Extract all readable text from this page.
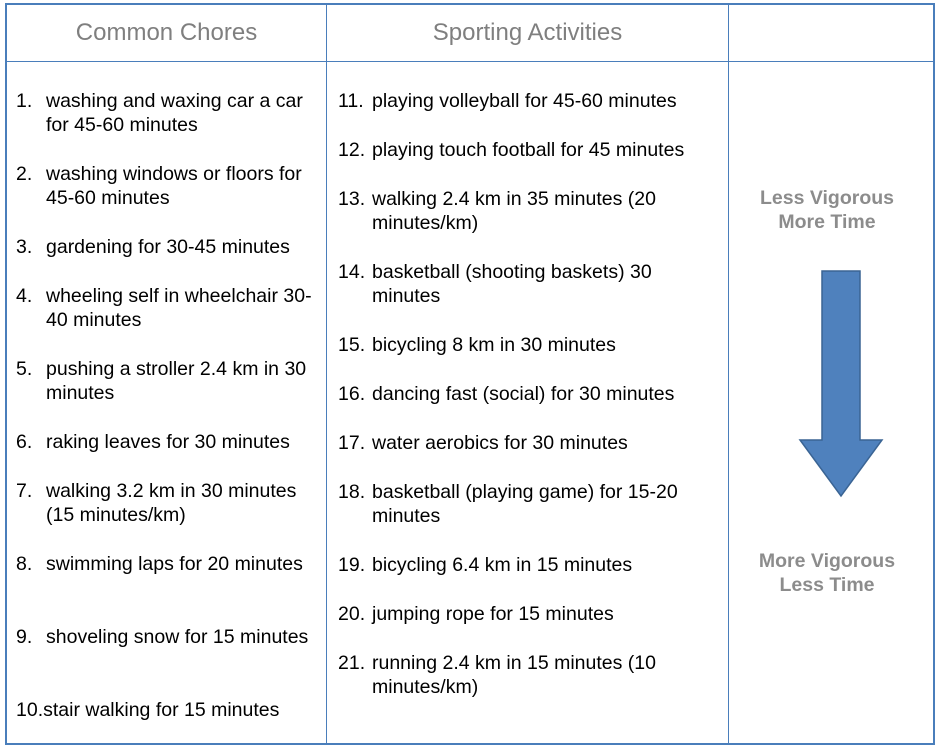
Common Chores	Sporting Activities
1. washing and waxing car a car for 45-60 minutes
2. washing windows or floors for 45-60 minutes
3. gardening for 30-45 minutes
4. wheeling self in wheelchair 30-40 minutes
5. pushing a stroller 2.4 km in 30 minutes
6. raking leaves for 30 minutes
7. walking 3.2 km in 30 minutes (15 minutes/km)
8. swimming laps for 20 minutes
9. shoveling snow for 15 minutes
10. stair walking for 15 minutes
11. playing volleyball for 45-60 minutes
12. playing touch football for 45 minutes
13. walking 2.4 km in 35 minutes (20 minutes/km)
14. basketball (shooting baskets) 30 minutes
15. bicycling 8 km in 30 minutes
16. dancing fast (social) for 30 minutes
17. water aerobics for 30 minutes
18. basketball (playing game) for 15-20 minutes
19. bicycling 6.4 km in 15 minutes
20. jumping rope for 15 minutes
21. running 2.4 km in 15 minutes (10 minutes/km)
Less Vigorous
More Time
More Vigorous
Less Time
